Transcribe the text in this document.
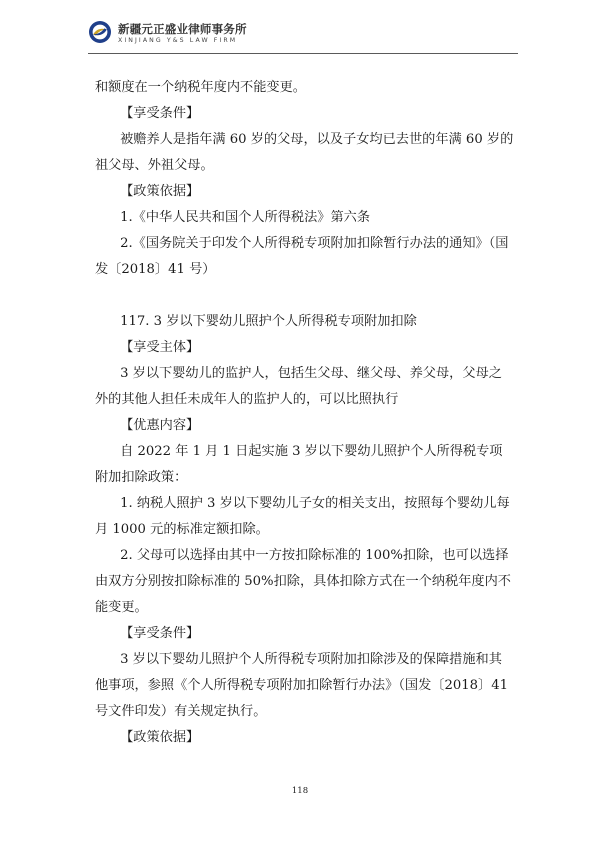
新疆元正盛业律师事务所
XINJIANG Y&S LAW FIRM

和额度在一个纳税年度内不能变更。

【享受条件】

被赡养人是指年满 60 岁的父母，以及子女均已去世的年满 60 岁的祖父母、外祖父母。

【政策依据】

1.《中华人民共和国个人所得税法》第六条

2.《国务院关于印发个人所得税专项附加扣除暂行办法的通知》（国发〔2018〕41 号）

117. 3 岁以下婴幼儿照护个人所得税专项附加扣除

【享受主体】

3 岁以下婴幼儿的监护人，包括生父母、继父母、养父母，父母之外的其他人担任未成年人的监护人的，可以比照执行

【优惠内容】

自 2022 年 1 月 1 日起实施 3 岁以下婴幼儿照护个人所得税专项附加扣除政策：

1. 纳税人照护 3 岁以下婴幼儿子女的相关支出，按照每个婴幼儿每月 1000 元的标准定额扣除。

2. 父母可以选择由其中一方按扣除标准的 100%扣除，也可以选择由双方分别按扣除标准的 50%扣除，具体扣除方式在一个纳税年度内不能变更。

【享受条件】

3 岁以下婴幼儿照护个人所得税专项附加扣除涉及的保障措施和其他事项，参照《个人所得税专项附加扣除暂行办法》（国发〔2018〕41 号文件印发）有关规定执行。

【政策依据】

118
